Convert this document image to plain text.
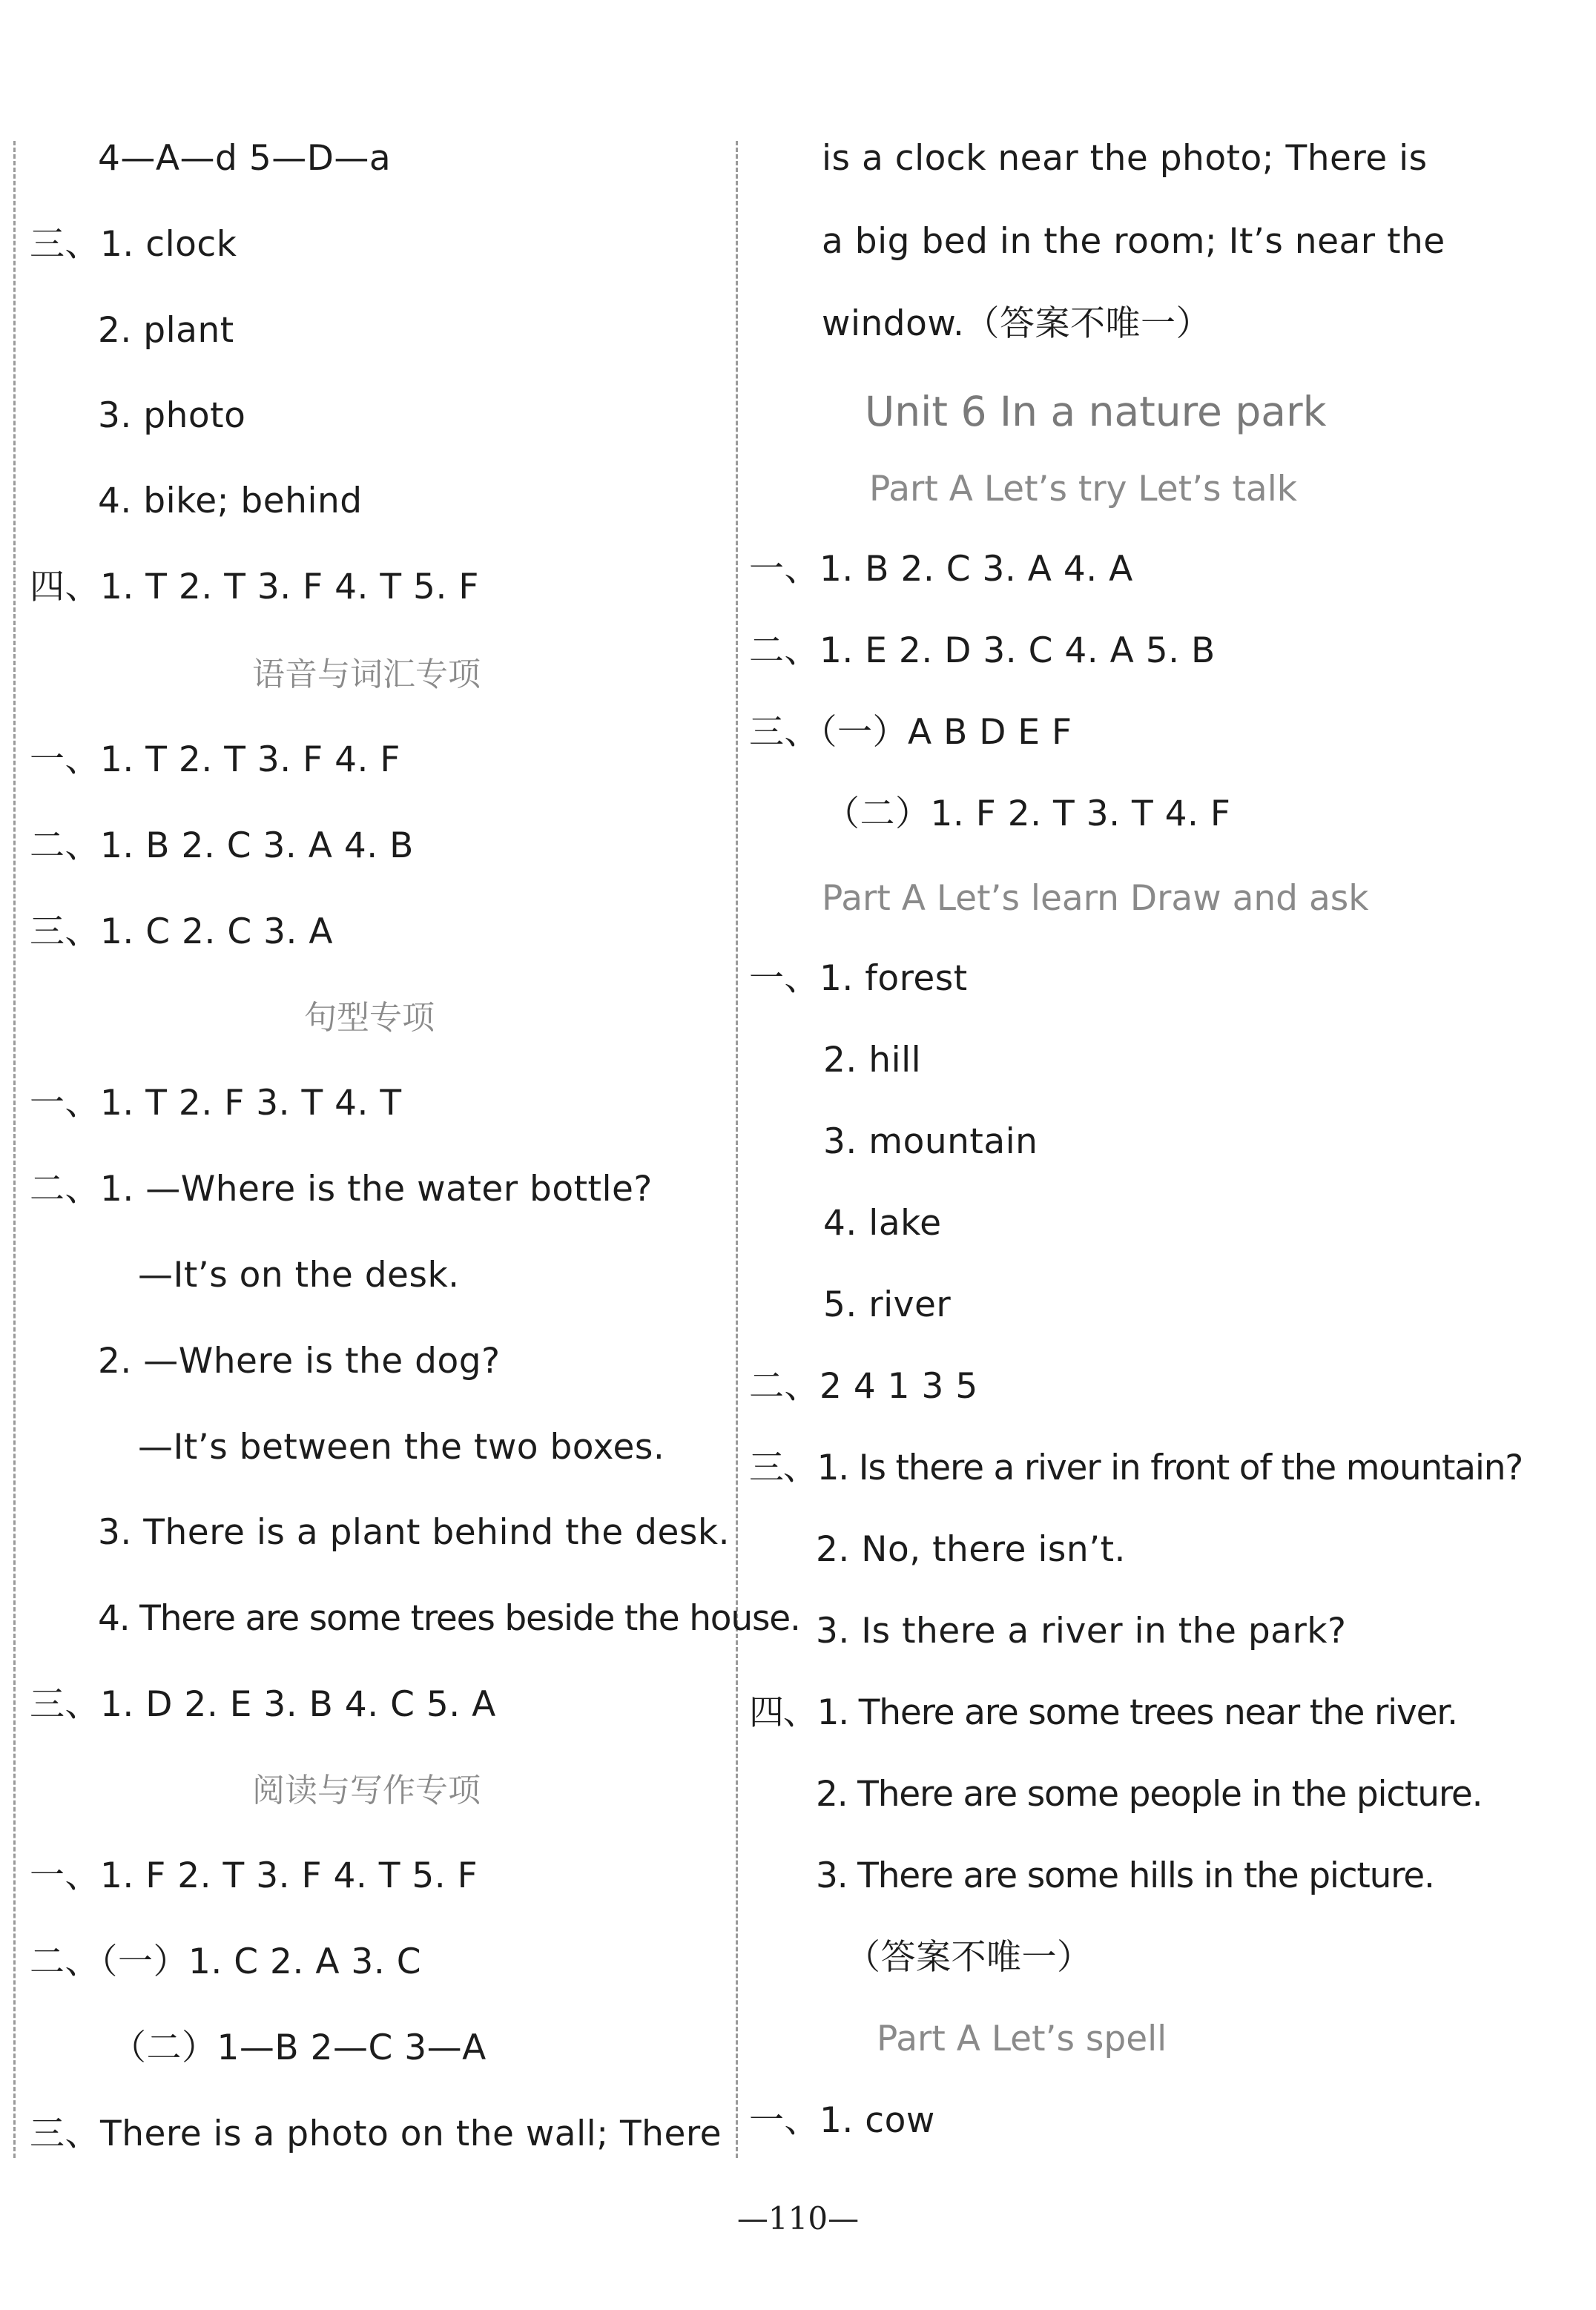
4—A—d 5—D—a
三、1. clock
2. plant
3. photo
4. bike; behind
四、1. T 2. T 3. F 4. T 5. F
语音与词汇专项
一、1. T 2. T 3. F 4. F
二、1. B 2. C 3. A 4. B
三、1. C 2. C 3. A
句型专项
一、1. T 2. F 3. T 4. T
二、1. —Where is the water bottle?
—It’s on the desk.
2. —Where is the dog?
—It’s between the two boxes.
3. There is a plant behind the desk.
4. There are some trees beside the house.
三、1. D 2. E 3. B 4. C 5. A
阅读与写作专项
一、1. F 2. T 3. F 4. T 5. F
二、（一）1. C 2. A 3. C
（二）1—B 2—C 3—A
三、There is a photo on the wall; There
is a clock near the photo; There is
a big bed in the room; It’s near the
window.（答案不唯一）
Unit 6 In a nature park
Part A Let’s try Let’s talk
一、1. B 2. C 3. A 4. A
二、1. E 2. D 3. C 4. A 5. B
三、（一）A B D E F
（二）1. F 2. T 3. T 4. F
Part A Let’s learn Draw and ask
一、1. forest
2. hill
3. mountain
4. lake
5. river
二、2 4 1 3 5
三、1. Is there a river in front of the mountain?
2. No, there isn’t.
3. Is there a river in the park?
四、1. There are some trees near the river.
2. There are some people in the picture.
3. There are some hills in the picture.
（答案不唯一）
Part A Let’s spell
一、1. cow
—110—
